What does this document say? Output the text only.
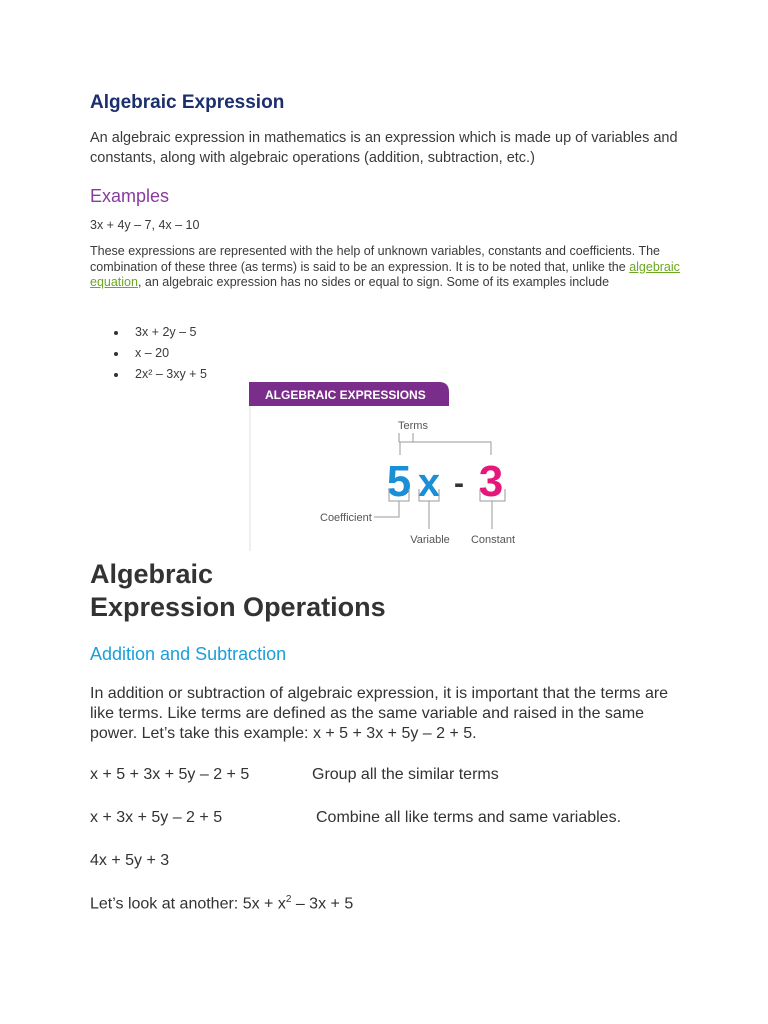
Algebraic Expression

An algebraic expression in mathematics is an expression which is made up of variables and constants, along with algebraic operations (addition, subtraction, etc.)

Examples

3x + 4y – 7, 4x – 10

These expressions are represented with the help of unknown variables, constants and coefficients. The combination of these three (as terms) is said to be an expression. It is to be noted that, unlike the algebraic equation, an algebraic expression has no sides or equal to sign. Some of its examples include

3x + 2y – 5
x – 20
2x² – 3xy + 5
ALGEBRAIC EXPRESSIONS
Terms
5 x - 3
Coefficient
Variable Constant
Algebraic
Expression Operations
Addition and Subtraction

In addition or subtraction of algebraic expression, it is important that the terms are like terms. Like terms are defined as the same variable and raised in the same power. Let’s take this example: x + 5 + 3x + 5y – 2 + 5.

x + 5 + 3x + 5y – 2 + 5	Group all the similar terms

x + 3x + 5y – 2 + 5	Combine all like terms and same variables.

4x + 5y + 3

Let’s look at another: $5x + x^2 - 3x + 5$
